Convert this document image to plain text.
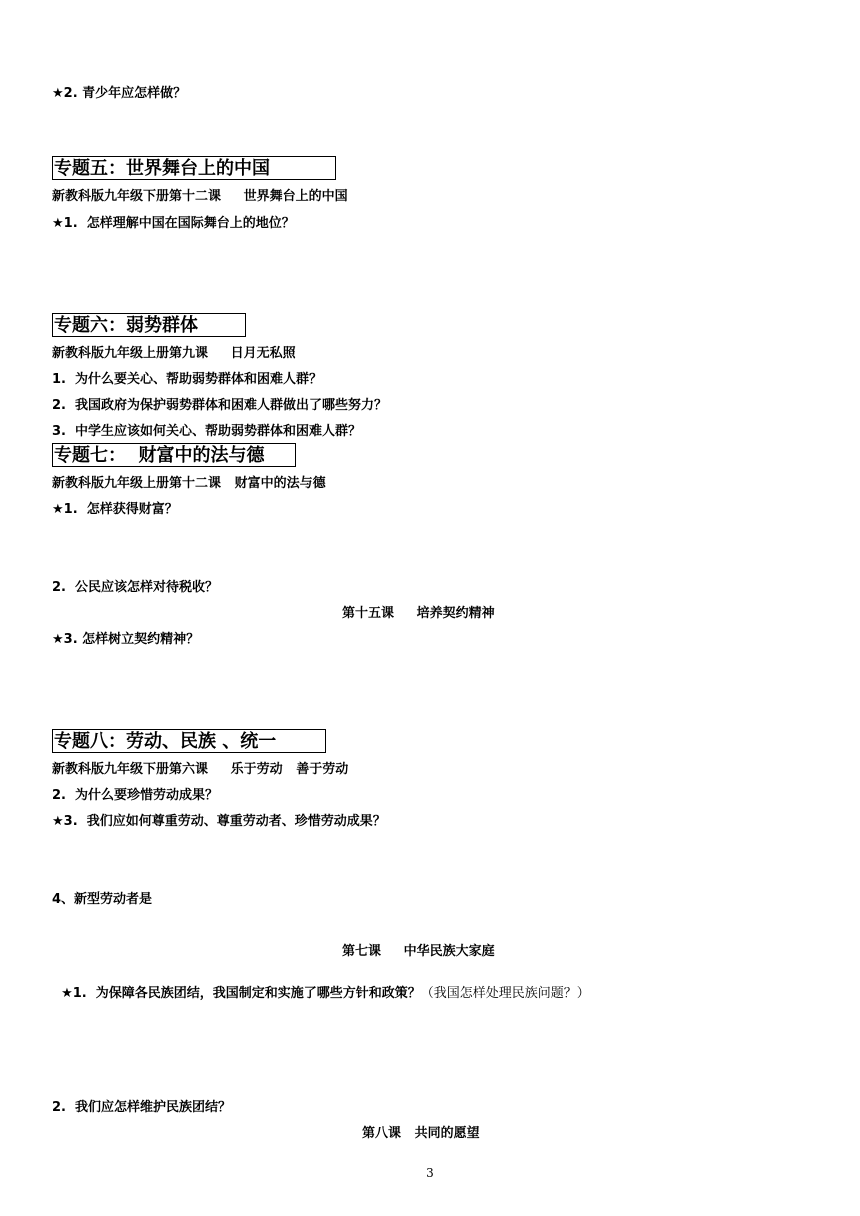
★2. 青少年应怎样做？
专题五：世界舞台上的中国
新教科版九年级下册第十二课     世界舞台上的中国
★1.  怎样理解中国在国际舞台上的地位？
专题六：弱势群体
新教科版九年级上册第九课     日月无私照
1.  为什么要关心、帮助弱势群体和困难人群？
2.  我国政府为保护弱势群体和困难人群做出了哪些努力？
3.  中学生应该如何关心、帮助弱势群体和困难人群？
专题七：  财富中的法与德
新教科版九年级上册第十二课   财富中的法与德
★1.  怎样获得财富？
2.  公民应该怎样对待税收？
第十五课     培养契约精神
★3. 怎样树立契约精神？
专题八：劳动、民族 、统一
新教科版九年级下册第六课     乐于劳动   善于劳动
2.  为什么要珍惜劳动成果？
★3.  我们应如何尊重劳动、尊重劳动者、珍惜劳动成果？
4、新型劳动者是
第七课     中华民族大家庭

★1.  为保障各民族团结，我国制定和实施了哪些方针和政策？（我国怎样处理民族问题？）

2.  我们应怎样维护民族团结？
第八课   共同的愿望
3
